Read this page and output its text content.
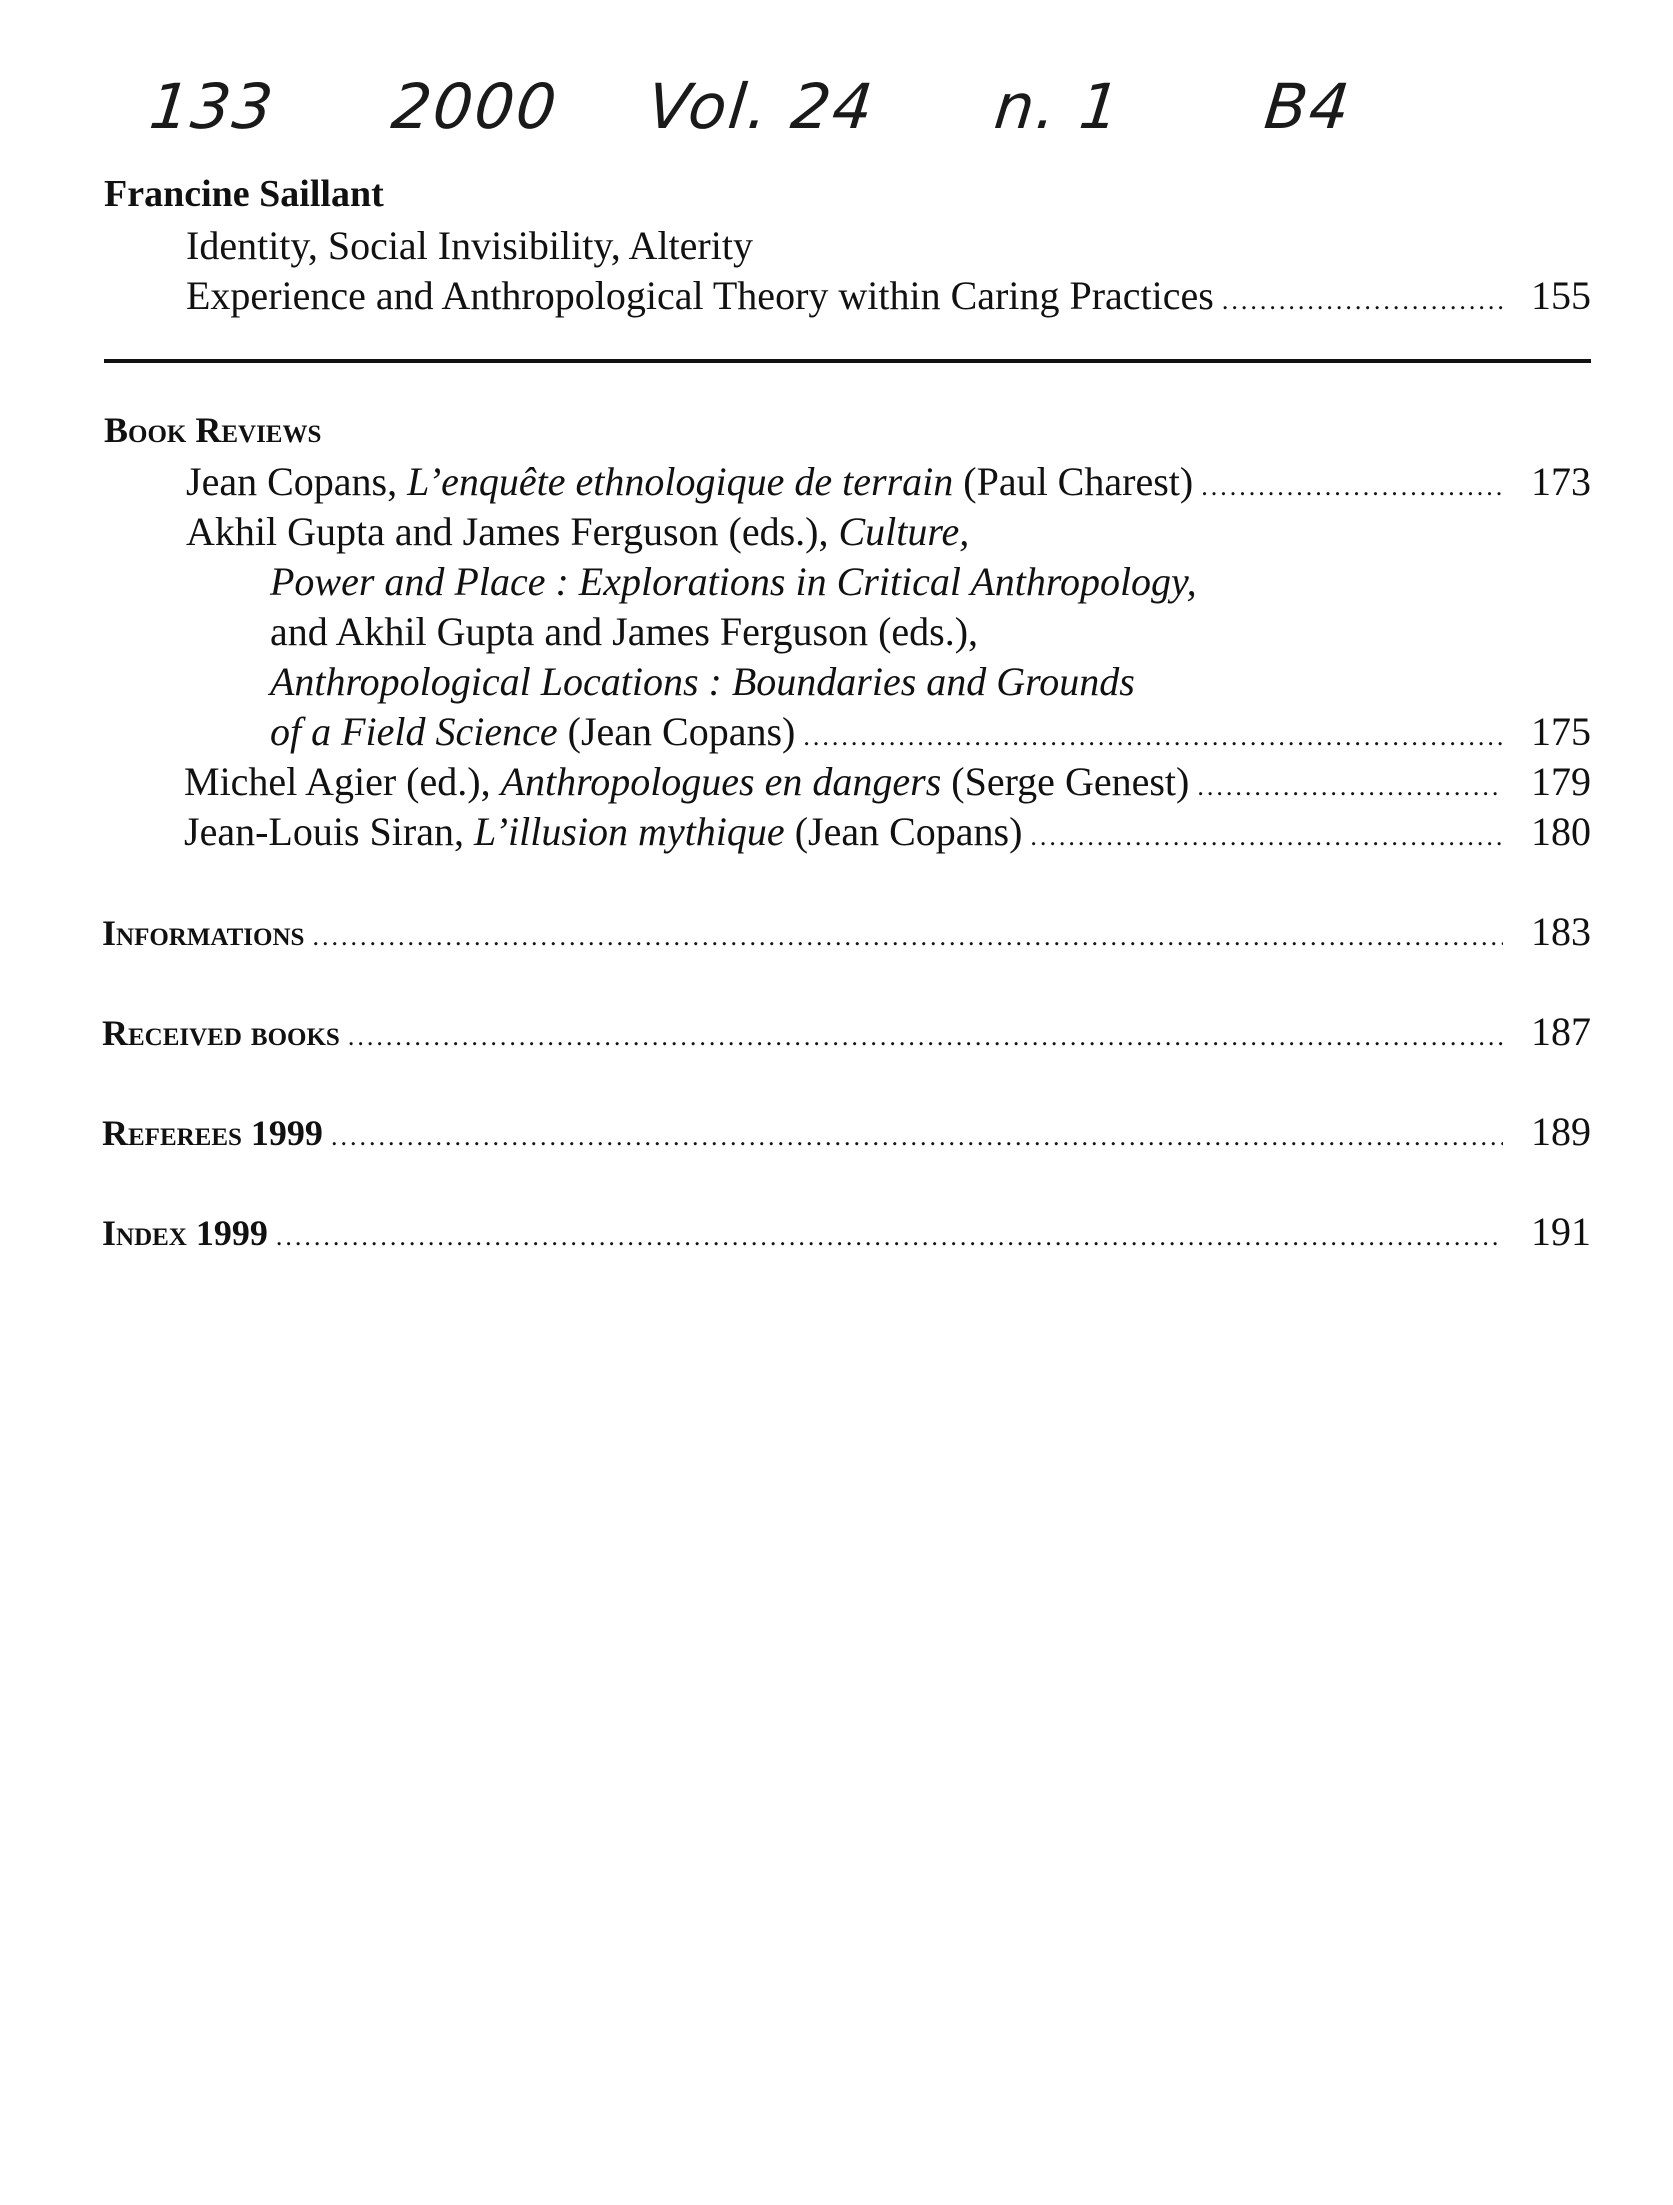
133 2000 Vol. 24 n. 1 B4
Francine Saillant
Identity, Social Invisibility, Alterity
Experience and Anthropological Theory within Caring Practices .....	155
Book Reviews
Jean Copans, L’enquête ethnologique de terrain (Paul Charest) .....	173
Akhil Gupta and James Ferguson (eds.), Culture,
Power and Place : Explorations in Critical Anthropology,
and Akhil Gupta and James Ferguson (eds.),
Anthropological Locations : Boundaries and Grounds
of a Field Science (Jean Copans) .....	175
Michel Agier (ed.), Anthropologues en dangers (Serge Genest) .....	179
Jean-Louis Siran, L’illusion mythique (Jean Copans) .....	180
Informations .....	183
Received books .....	187
Referees 1999 .....	189
Index 1999 .....	191
